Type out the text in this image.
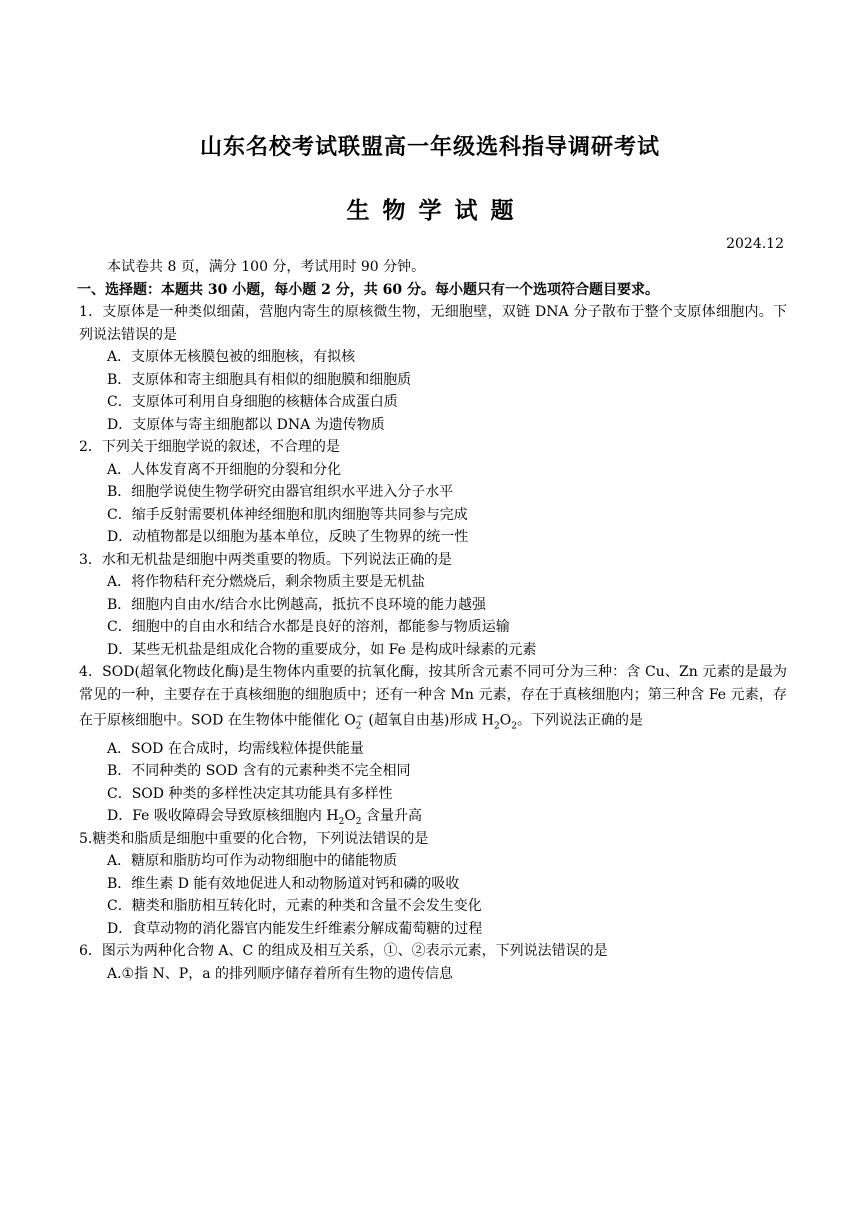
山东名校考试联盟高一年级选科指导调研考试
生物学试题
2024.12
本试卷共 8 页，满分 100 分，考试用时 90 分钟。
一、选择题：本题共 30 小题，每小题 2 分，共 60 分。每小题只有一个选项符合题目要求。
1．支原体是一种类似细菌，营胞内寄生的原核微生物，无细胞壁，双链 DNA 分子散布于整个支原体细胞内。下列说法错误的是
A．支原体无核膜包被的细胞核，有拟核
B．支原体和寄主细胞具有相似的细胞膜和细胞质
C．支原体可利用自身细胞的核糖体合成蛋白质
D．支原体与寄主细胞都以 DNA 为遗传物质
2．下列关于细胞学说的叙述，不合理的是
A．人体发育离不开细胞的分裂和分化
B．细胞学说使生物学研究由器官组织水平进入分子水平
C．缩手反射需要机体神经细胞和肌肉细胞等共同参与完成
D．动植物都是以细胞为基本单位，反映了生物界的统一性
3．水和无机盐是细胞中两类重要的物质。下列说法正确的是
A．将作物秸秆充分燃烧后，剩余物质主要是无机盐
B．细胞内自由水/结合水比例越高，抵抗不良环境的能力越强
C．细胞中的自由水和结合水都是良好的溶剂，都能参与物质运输
D．某些无机盐是组成化合物的重要成分，如 Fe 是构成叶绿素的元素
4．SOD(超氧化物歧化酶)是生物体内重要的抗氧化酶，按其所含元素不同可分为三种：含 Cu、Zn 元素的是最为常见的一种，主要存在于真核细胞的细胞质中；还有一种含 Mn 元素，存在于真核细胞内；第三种含 Fe 元素，存在于原核细胞中。SOD 在生物体中能催化 $O_2^-$ (超氧自由基)形成 $H_2O_2$。下列说法正确的是
A．SOD 在合成时，均需线粒体提供能量
B．不同种类的 SOD 含有的元素种类不完全相同
C．SOD 种类的多样性决定其功能具有多样性
D．Fe 吸收障碍会导致原核细胞内 $H_2O_2$ 含量升高
5.糖类和脂质是细胞中重要的化合物，下列说法错误的是
A．糖原和脂肪均可作为动物细胞中的储能物质
B．维生素 D 能有效地促进人和动物肠道对钙和磷的吸收
C．糖类和脂肪相互转化时，元素的种类和含量不会发生变化
D．食草动物的消化器官内能发生纤维素分解成葡萄糖的过程
6．图示为两种化合物 A、C 的组成及相互关系，①、②表示元素，下列说法错误的是
A.①指 N、P，a 的排列顺序储存着所有生物的遗传信息
